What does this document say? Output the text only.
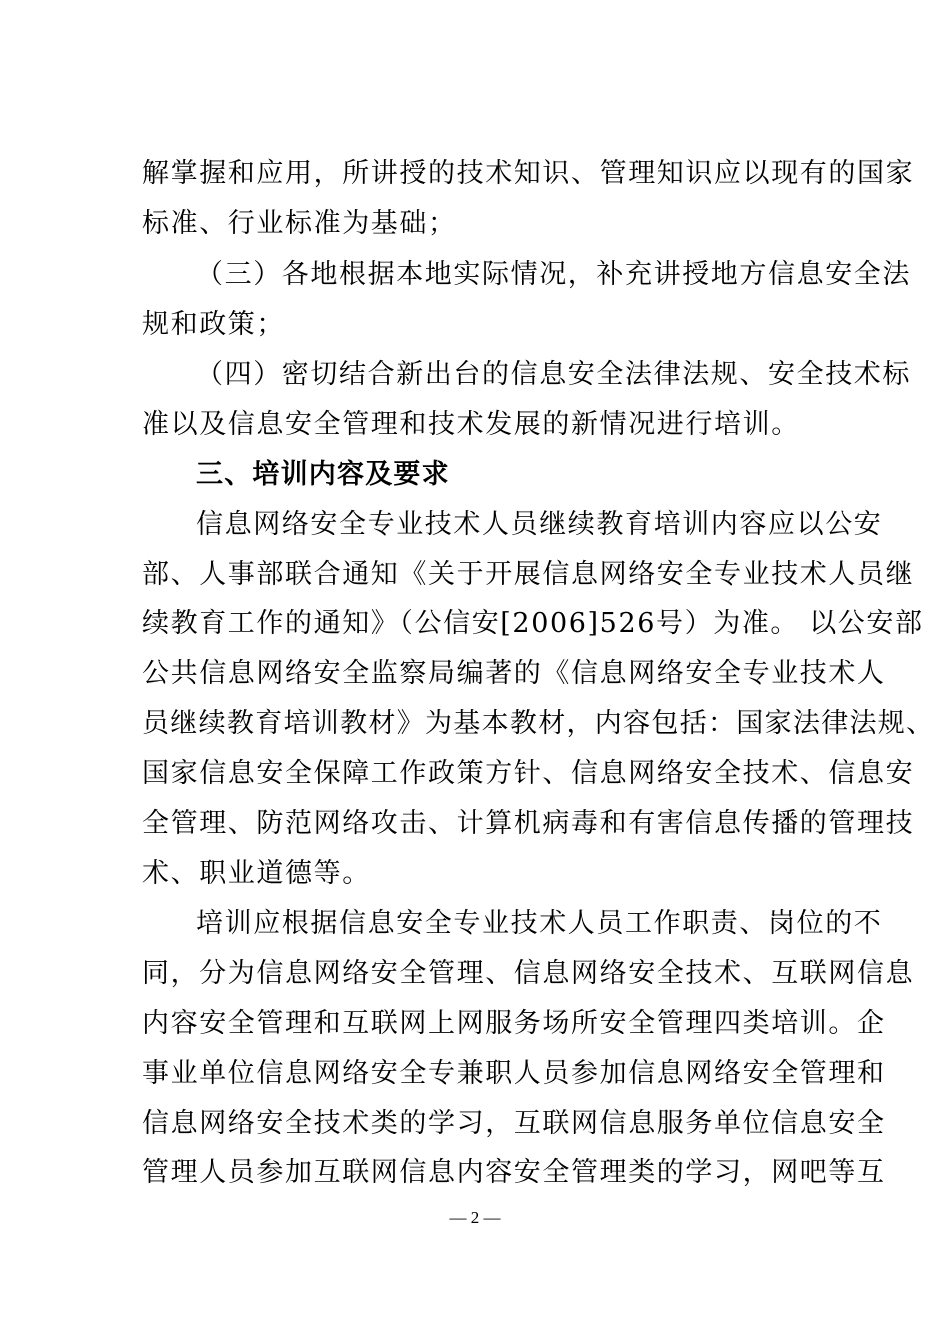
解掌握和应用，所讲授的技术知识、管理知识应以现有的国家
标准、行业标准为基础；
（三）各地根据本地实际情况，补充讲授地方信息安全法
规和政策；
（四）密切结合新出台的信息安全法律法规、安全技术标
准以及信息安全管理和技术发展的新情况进行培训。
三、培训内容及要求
信息网络安全专业技术人员继续教育培训内容应以公安
部、人事部联合通知《关于开展信息网络安全专业技术人员继
续教育工作的通知》（公信安[2006]526号）为准。 以公安部
公共信息网络安全监察局编著的《信息网络安全专业技术人
员继续教育培训教材》为基本教材，内容包括：国家法律法规、
国家信息安全保障工作政策方针、信息网络安全技术、信息安
全管理、防范网络攻击、计算机病毒和有害信息传播的管理技
术、职业道德等。
培训应根据信息安全专业技术人员工作职责、岗位的不
同，分为信息网络安全管理、信息网络安全技术、互联网信息
内容安全管理和互联网上网服务场所安全管理四类培训。企
事业单位信息网络安全专兼职人员参加信息网络安全管理和
信息网络安全技术类的学习，互联网信息服务单位信息安全
管理人员参加互联网信息内容安全管理类的学习，网吧等互
— 2 —
